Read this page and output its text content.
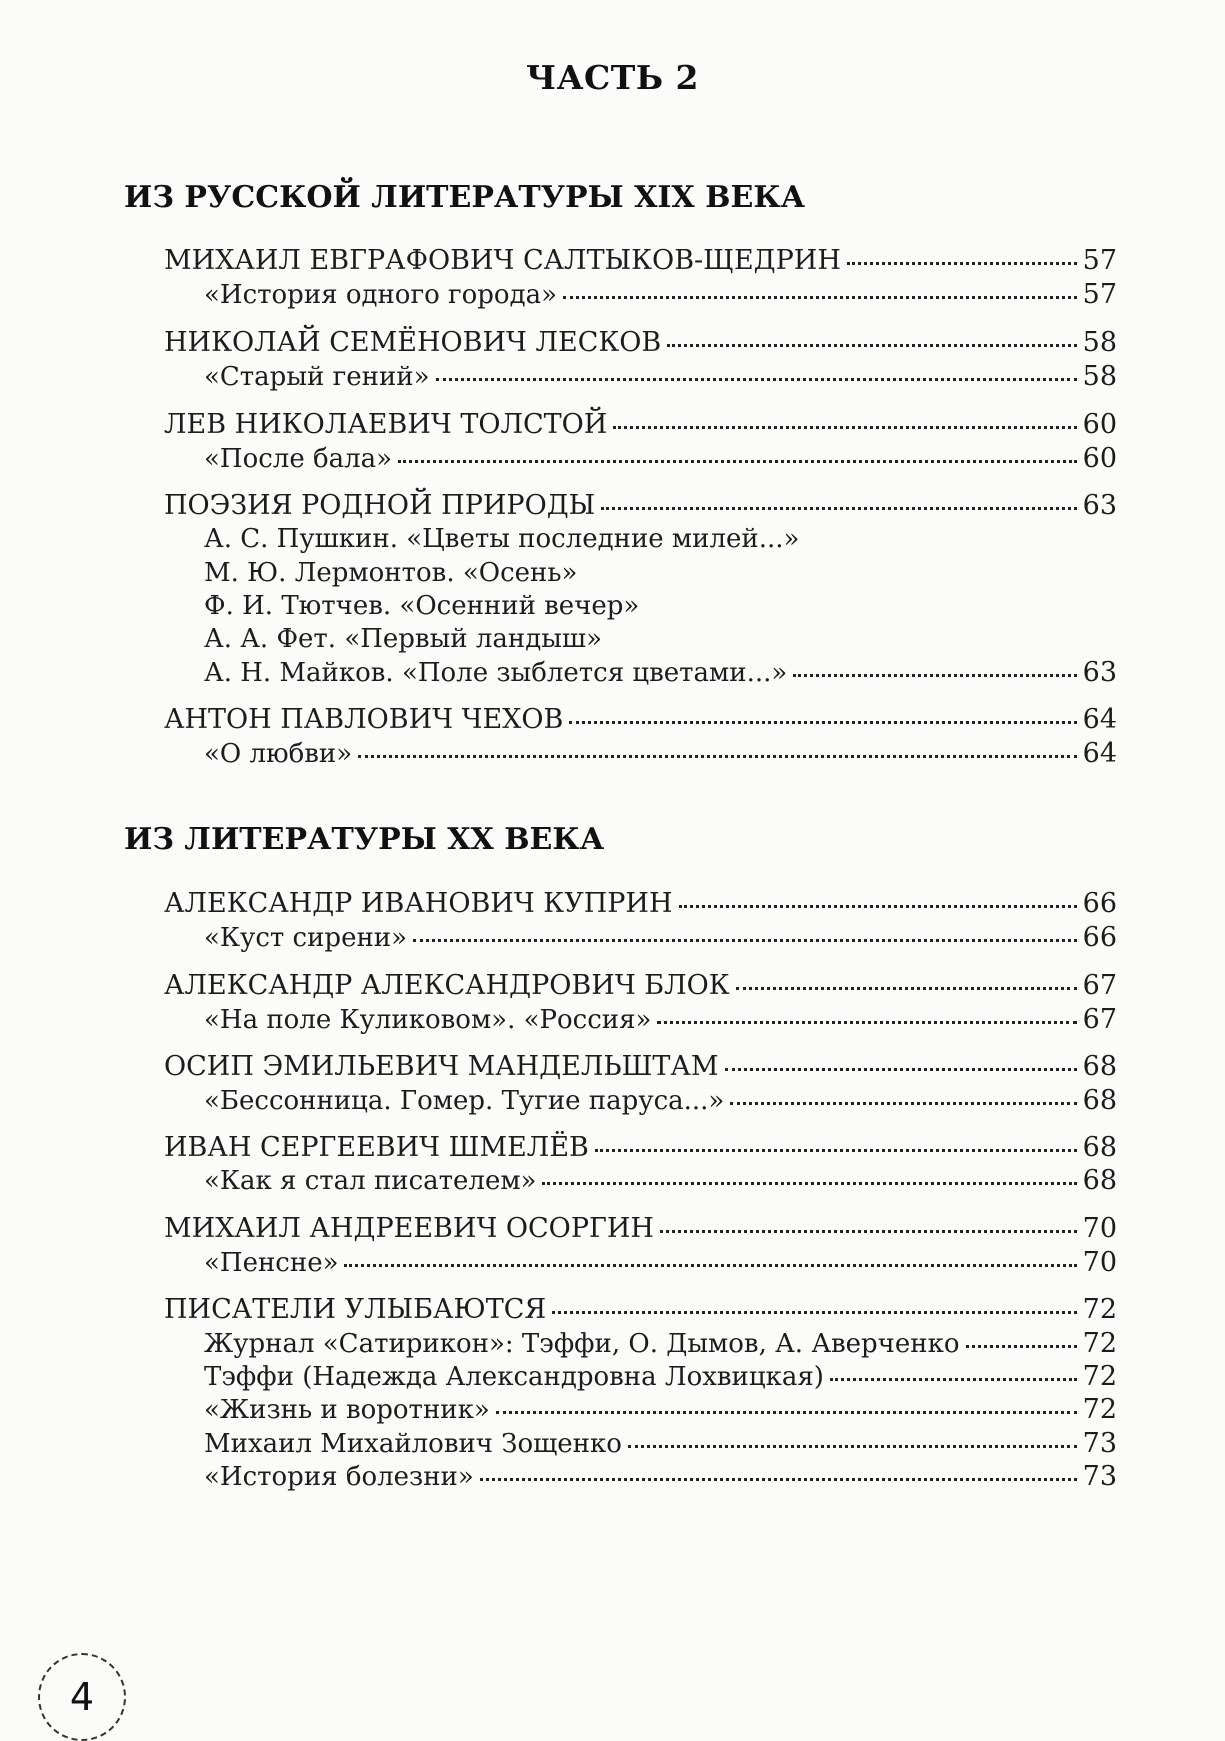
ЧАСТЬ 2
ИЗ РУССКОЙ ЛИТЕРАТУРЫ XIX ВЕКА
ИЗ ЛИТЕРАТУРЫ XX ВЕКА
МИХАИЛ ЕВГРАФОВИЧ САЛТЫКОВ-ЩЕДРИН	57
«История одного города»	57
НИКОЛАЙ СЕМЁНОВИЧ ЛЕСКОВ	58
«Старый гений»	58
ЛЕВ НИКОЛАЕВИЧ ТОЛСТОЙ	60
«После бала»	60
ПОЭЗИЯ РОДНОЙ ПРИРОДЫ	63
А. С. Пушкин. «Цветы последние милей...»
М. Ю. Лермонтов. «Осень»
Ф. И. Тютчев. «Осенний вечер»
А. А. Фет. «Первый ландыш»
А. Н. Майков. «Поле зыблется цветами...»	63
АНТОН ПАВЛОВИЧ ЧЕХОВ	64
«О любви»	64
АЛЕКСАНДР ИВАНОВИЧ КУПРИН	66
«Куст сирени»	66
АЛЕКСАНДР АЛЕКСАНДРОВИЧ БЛОК	67
«На поле Куликовом». «Россия»	67
ОСИП ЭМИЛЬЕВИЧ МАНДЕЛЬШТАМ	68
«Бессонница. Гомер. Тугие паруса...»	68
ИВАН СЕРГЕЕВИЧ ШМЕЛЁВ	68
«Как я стал писателем»	68
МИХАИЛ АНДРЕЕВИЧ ОСОРГИН	70
«Пенсне»	70
ПИСАТЕЛИ УЛЫБАЮТСЯ	72
Журнал «Сатирикон»: Тэффи, О. Дымов, А. Аверченко	72
Тэффи (Надежда Александровна Лохвицкая)	72
«Жизнь и воротник»	72
Михаил Михайлович Зощенко	73
«История болезни»	73
4
